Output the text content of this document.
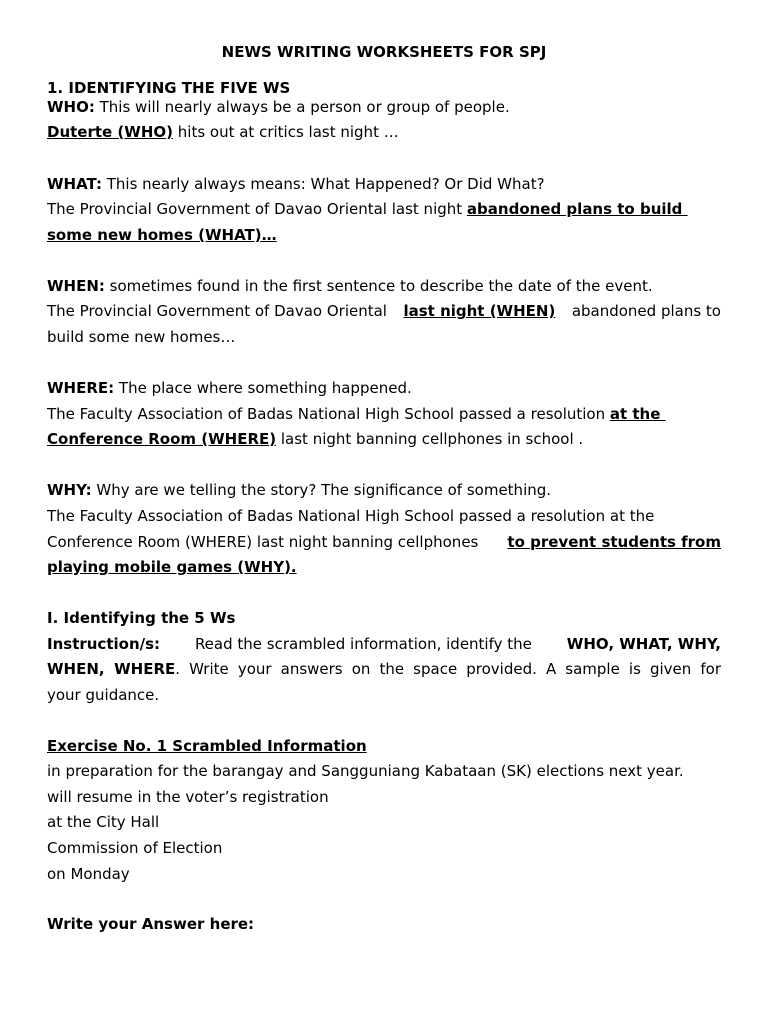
NEWS WRITING WORKSHEETS FOR SPJ
1. IDENTIFYING THE FIVE WS
WHO: This will nearly always be a person or group of people.
Duterte (WHO) hits out at critics last night …
WHAT: This nearly always means: What Happened? Or Did What?
The Provincial Government of Davao Oriental last night abandoned plans to build
some new homes (WHAT)…
WHEN: sometimes found in the first sentence to describe the date of the event.
The Provincial Government of Davao Oriental last night (WHEN) abandoned plans to
build some new homes…
WHERE: The place where something happened.
The Faculty Association of Badas National High School passed a resolution at the
Conference Room (WHERE) last night banning cellphones in school .
WHY: Why are we telling the story? The significance of something.
The Faculty Association of Badas National High School passed a resolution at the
Conference Room (WHERE) last night banning cellphones to prevent students from
playing mobile games (WHY).
I. Identifying the 5 Ws
Instruction/s: Read the scrambled information, identify the WHO, WHAT, WHY,
WHEN, WHERE. Write your answers on the space provided. A sample is given for
your guidance.
Exercise No. 1 Scrambled Information
in preparation for the barangay and Sangguniang Kabataan (SK) elections next year.
will resume in the voter’s registration
at the City Hall
Commission of Election
on Monday
Write your Answer here:
